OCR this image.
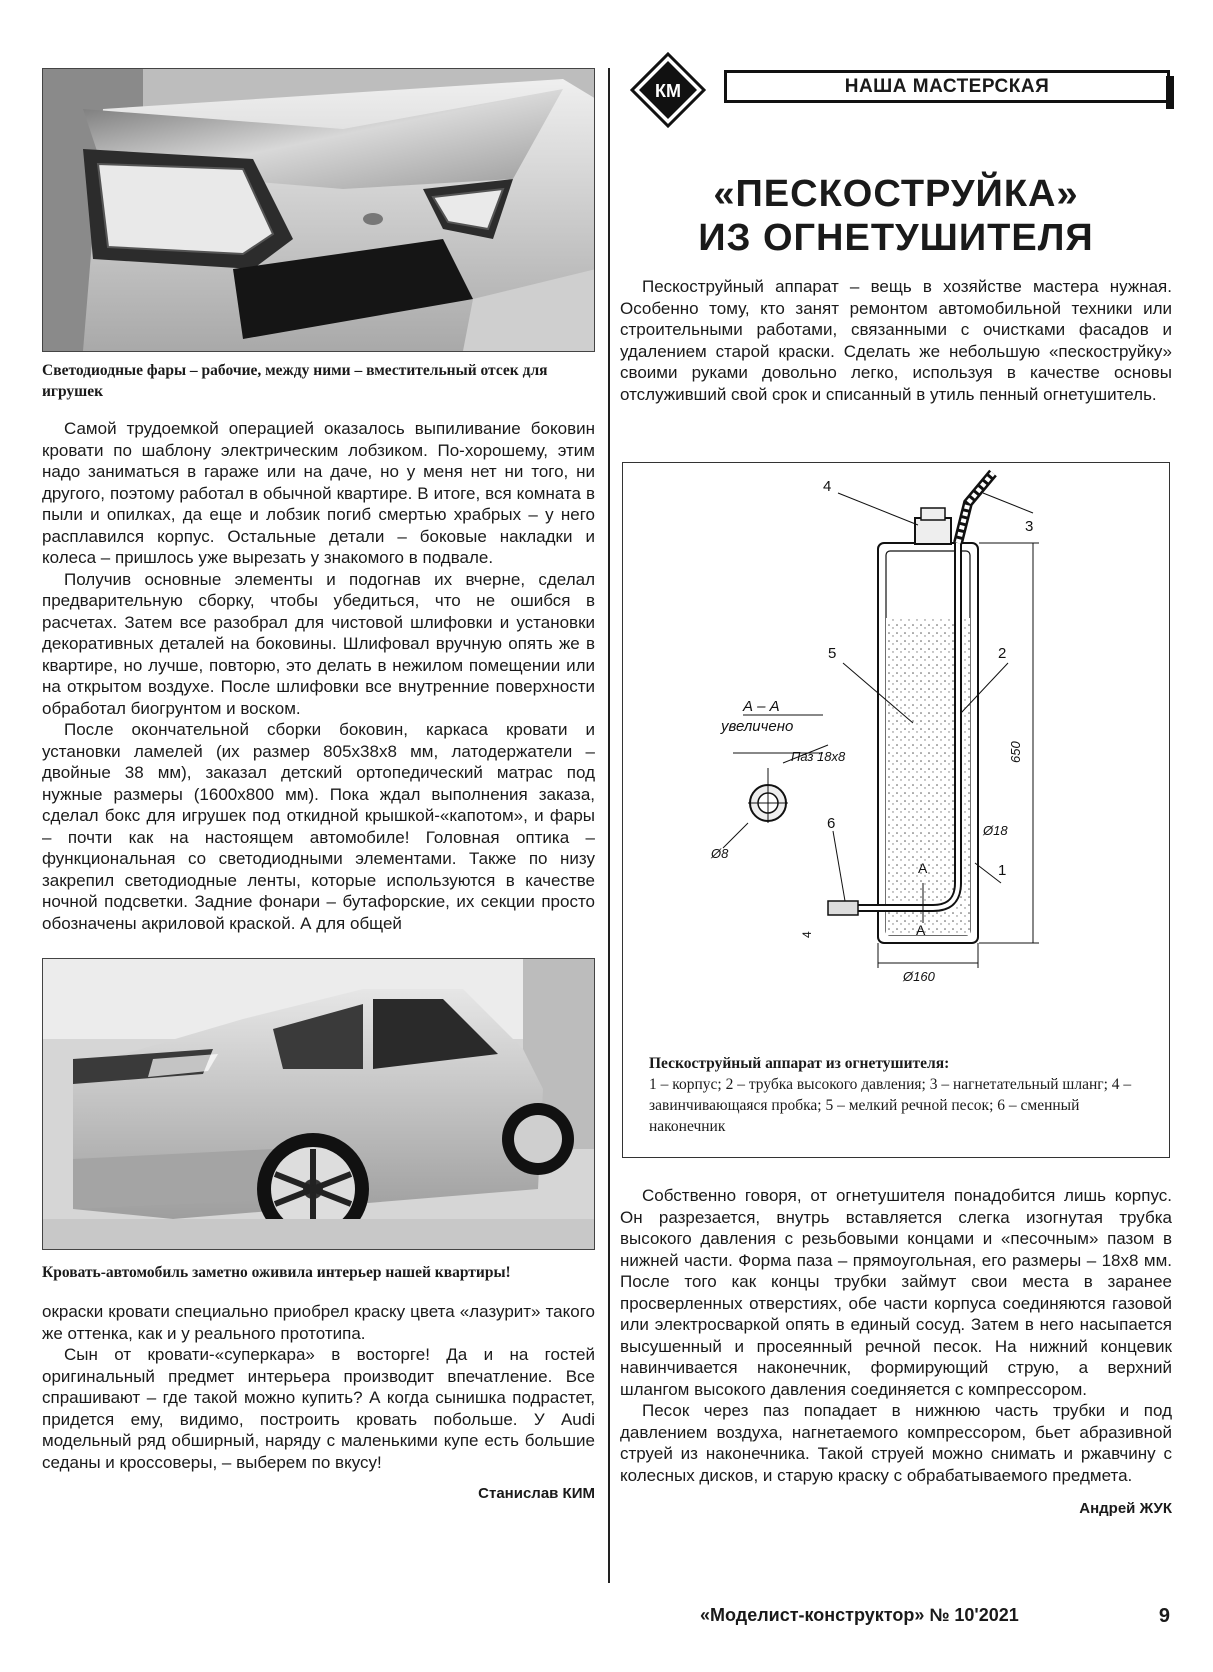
Светодиодные фары – рабочие, между ними – вместительный отсек для игрушек

Самой трудоемкой операцией оказалось выпиливание боковин кровати по шаблону электрическим лобзиком. По-хорошему, этим надо заниматься в гараже или на даче, но у меня нет ни того, ни другого, поэтому работал в обычной квартире. В итоге, вся комната в пыли и опилках, да еще и лобзик погиб смертью храбрых – у него расплавился корпус. Остальные детали – боковые накладки и колеса – пришлось уже вырезать у знакомого в подвале.

Получив основные элементы и подогнав их вчерне, сделал предварительную сборку, чтобы убедиться, что не ошибся в расчетах. Затем все разобрал для чистовой шлифовки и установки декоративных деталей на боковины. Шлифовал вручную опять же в квартире, но лучше, повторю, это делать в нежилом помещении или на открытом воздухе. После шлифовки все внутренние поверхности обработал биогрунтом и воском.

После окончательной сборки боковин, каркаса кровати и установки ламелей (их размер 805х38х8 мм, латодержатели – двойные 38 мм), заказал детский ортопедический матрас под нужные размеры (1600х800 мм). Пока ждал выполнения заказа, сделал бокс для игрушек под откидной крышкой-«капотом», и фары – почти как на настоящем автомобиле! Головная оптика – функциональная со светодиодными элементами. Также по низу закрепил светодиодные ленты, которые используются в качестве ночной подсветки. Задние фонари – бутафорские, их секции просто обозначены акриловой краской. А для общей

Кровать-автомобиль заметно оживила интерьер нашей квартиры!

окраски кровати специально приобрел краску цвета «лазурит» такого же оттенка, как и у реального прототипа.

Сын от кровати-«суперкара» в восторге! Да и на гостей оригинальный предмет интерьера производит впечатление. Все спрашивают – где такой можно купить? А когда сынишка подрастет, придется ему, видимо, построить кровать побольше. У Audi модельный ряд обширный, наряду с маленькими купе есть большие седаны и кроссоверы, – выберем по вкусу!

Станислав КИМ
КМ	НАША МАСТЕРСКАЯ
«ПЕСКОСТРУЙКА»
ИЗ ОГНЕТУШИТЕЛЯ

Пескоструйный аппарат – вещь в хозяйстве мастера нужная. Особенно тому, кто занят ремонтом автомобильной техники или строительными работами, связанными с очистками фасадов и удалением старой краски. Сделать же небольшую «пескоструйку» своими руками довольно легко, используя в качестве основы отслуживший свой срок и списанный в утиль пенный огнетушитель.

4
3
5	2
6
1
А – А
увеличено
Паз 18х8
Ø8
Ø18
Ø160
650
4
А
А
Пескоструйный аппарат из огнетушителя:
1 – корпус; 2 – трубка высокого давления; 3 – нагнетательный шланг; 4 – завинчивающаяся пробка; 5 – мелкий речной песок; 6 – сменный наконечник

Собственно говоря, от огнетушителя понадобится лишь корпус. Он разрезается, внутрь вставляется слегка изогнутая трубка высокого давления с резьбовыми концами и «песочным» пазом в нижней части. Форма паза – прямоугольная, его размеры – 18х8 мм. После того как концы трубки займут свои места в заранее просверленных отверстиях, обе части корпуса соединяются газовой или электросваркой опять в единый сосуд. Затем в него насыпается высушенный и просеянный речной песок. На нижний концевик навинчивается наконечник, формирующий струю, а верхний шлангом высокого давления соединяется с компрессором.

Песок через паз попадает в нижнюю часть трубки и под давлением воздуха, нагнетаемого компрессором, бьет абразивной струей из наконечника. Такой струей можно снимать и ржавчину с колесных дисков, и старую краску с обрабатываемого предмета.

Андрей ЖУК
«Моделист-конструктор» № 10'2021	9
